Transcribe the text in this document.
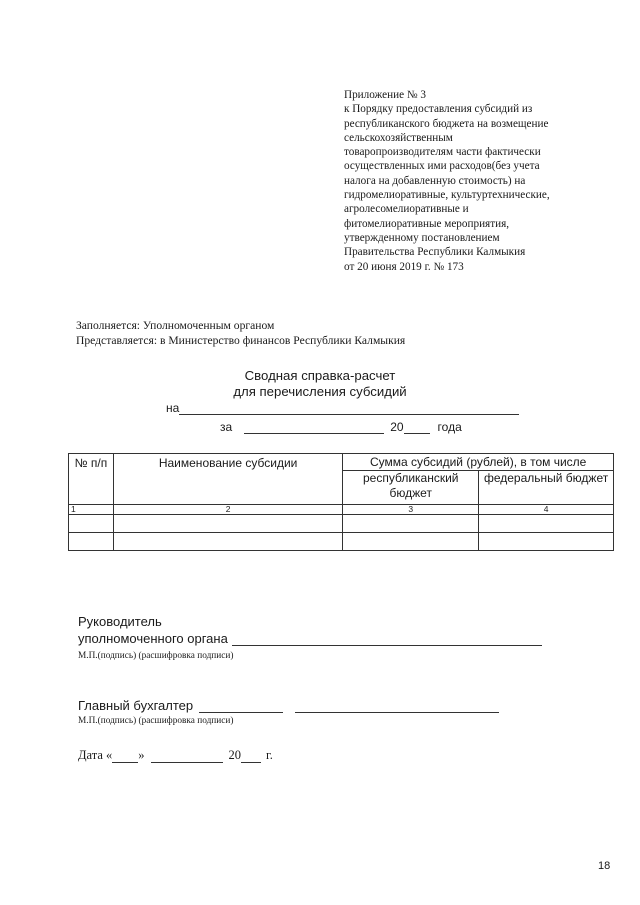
Приложение № 3
к Порядку предоставления субсидий из
республиканского бюджета на возмещение
сельскохозяйственным
товаропроизводителям части фактически
осуществленных ими расходов(без учета
налога на добавленную стоимость) на
гидромелиоративные, культуртехнические,
агролесомелиоративные и
фитомелиоративные мероприятия,
утвержденному постановлением
Правительства Республики Калмыкия
от 20 июня 2019 г. № 173
Заполняется: Уполномоченным органом
Представляется: в Министерство финансов Республики Калмыкия
Сводная справка-расчет
для перечисления субсидий
на
за	20	года
№ п/п	Наименование субсидии	Сумма субсидий (рублей), в том числе	
		республиканский бюджет	федеральный бюджет
1	2	3	4

Руководитель
уполномоченного органа
М.П.(подпись) (расшифровка подписи)
Главный бухгалтер
М.П.(подпись) (расшифровка подписи)
Дата « »	20 г.
18
